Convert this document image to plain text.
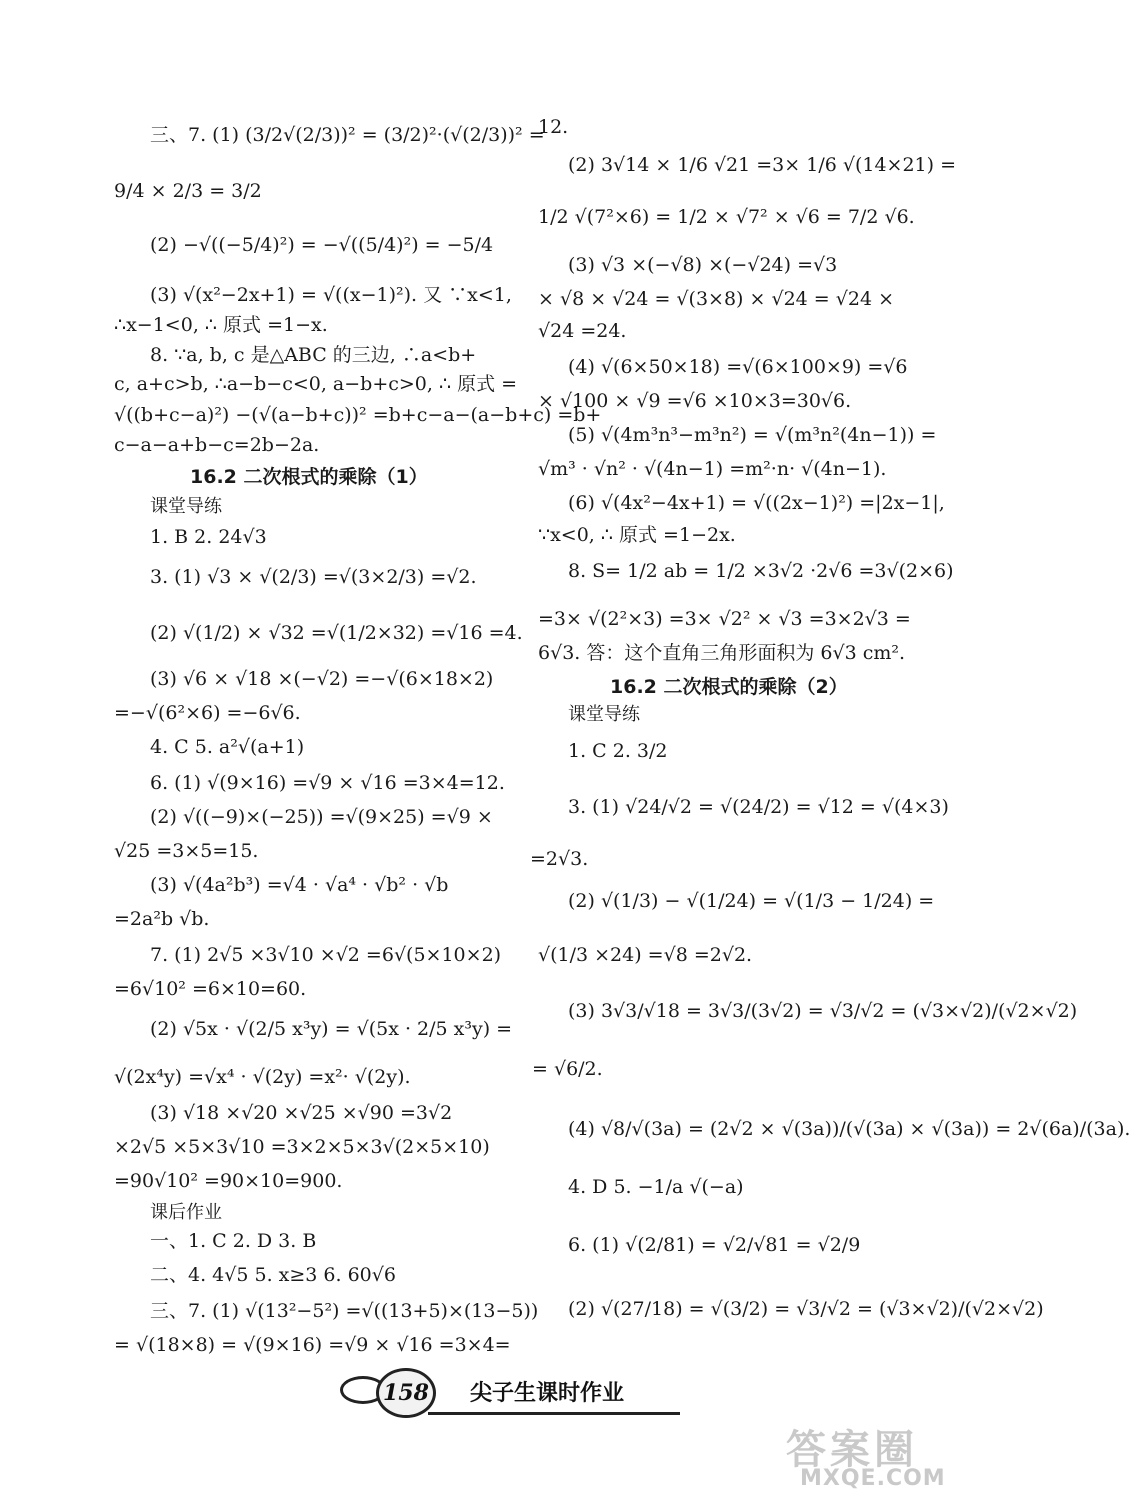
三、7. (1) (3/2√(2/3))² = (3/2)²·(√(2/3))² =
9/4 × 2/3 = 3/2
(2) −√((−5/4)²) = −√((5/4)²) = −5/4
(3) √(x²−2x+1) = √((x−1)²). 又 ∵x<1,
∴x−1<0, ∴ 原式 =1−x.
8. ∵a, b, c 是△ABC 的三边, ∴a<b+
c, a+c>b, ∴a−b−c<0, a−b+c>0, ∴ 原式 =
√((b+c−a)²) −(√(a−b+c))² =b+c−a−(a−b+c) =b+
c−a−a+b−c=2b−2a.
16.2 二次根式的乘除（1）
课堂导练
1. B 2. 24√3
3. (1) √3 × √(2/3) =√(3×2/3) =√2.
(2) √(1/2) × √32 =√(1/2×32) =√16 =4.
(3) √6 × √18 ×(−√2) =−√(6×18×2)
=−√(6²×6) =−6√6.
4. C 5. a²√(a+1)
6. (1) √(9×16) =√9 × √16 =3×4=12.
(2) √((−9)×(−25)) =√(9×25) =√9 ×
√25 =3×5=15.
(3) √(4a²b³) =√4 · √a⁴ · √b² · √b
=2a²b √b.
7. (1) 2√5 ×3√10 ×√2 =6√(5×10×2)
=6√10² =6×10=60.
(2) √5x · √(2/5 x³y) = √(5x · 2/5 x³y) =
√(2x⁴y) =√x⁴ · √(2y) =x²· √(2y).
(3) √18 ×√20 ×√25 ×√90 =3√2
×2√5 ×5×3√10 =3×2×5×3√(2×5×10)
=90√10² =90×10=900.
课后作业
一、1. C 2. D 3. B
二、4. 4√5 5. x≥3 6. 60√6
三、7. (1) √(13²−5²) =√((13+5)×(13−5))
= √(18×8) = √(9×16) =√9 × √16 =3×4=
12.
(2) 3√14 × 1/6 √21 =3× 1/6 √(14×21) =
1/2 √(7²×6) = 1/2 × √7² × √6 = 7/2 √6.
(3) √3 ×(−√8) ×(−√24) =√3
× √8 × √24 = √(3×8) × √24 = √24 ×
√24 =24.
(4) √(6×50×18) =√(6×100×9) =√6
× √100 × √9 =√6 ×10×3=30√6.
(5) √(4m³n³−m³n²) = √(m³n²(4n−1)) =
√m³ · √n² · √(4n−1) =m²·n· √(4n−1).
(6) √(4x²−4x+1) = √((2x−1)²) =|2x−1|,
∵x<0, ∴ 原式 =1−2x.
8. S= 1/2 ab = 1/2 ×3√2 ·2√6 =3√(2×6)
=3× √(2²×3) =3× √2² × √3 =3×2√3 =
6√3. 答：这个直角三角形面积为 6√3 cm².
16.2 二次根式的乘除（2）
课堂导练
1. C 2. 3/2
3. (1) √24/√2 = √(24/2) = √12 = √(4×3)
=2√3.
(2) √(1/3) − √(1/24) = √(1/3 − 1/24) =
√(1/3 ×24) =√8 =2√2.
(3) 3√3/√18 = 3√3/(3√2) = √3/√2 = (√3×√2)/(√2×√2)
= √6/2.
(4) √8/√(3a) = (2√2 × √(3a))/(√(3a) × √(3a)) = 2√(6a)/(3a).
4. D 5. −1/a √(−a)
6. (1) √(2/81) = √2/√81 = √2/9
(2) √(27/18) = √(3/2) = √3/√2 = (√3×√2)/(√2×√2)
158	尖子生课时作业
答案圈
MXQE.COM
